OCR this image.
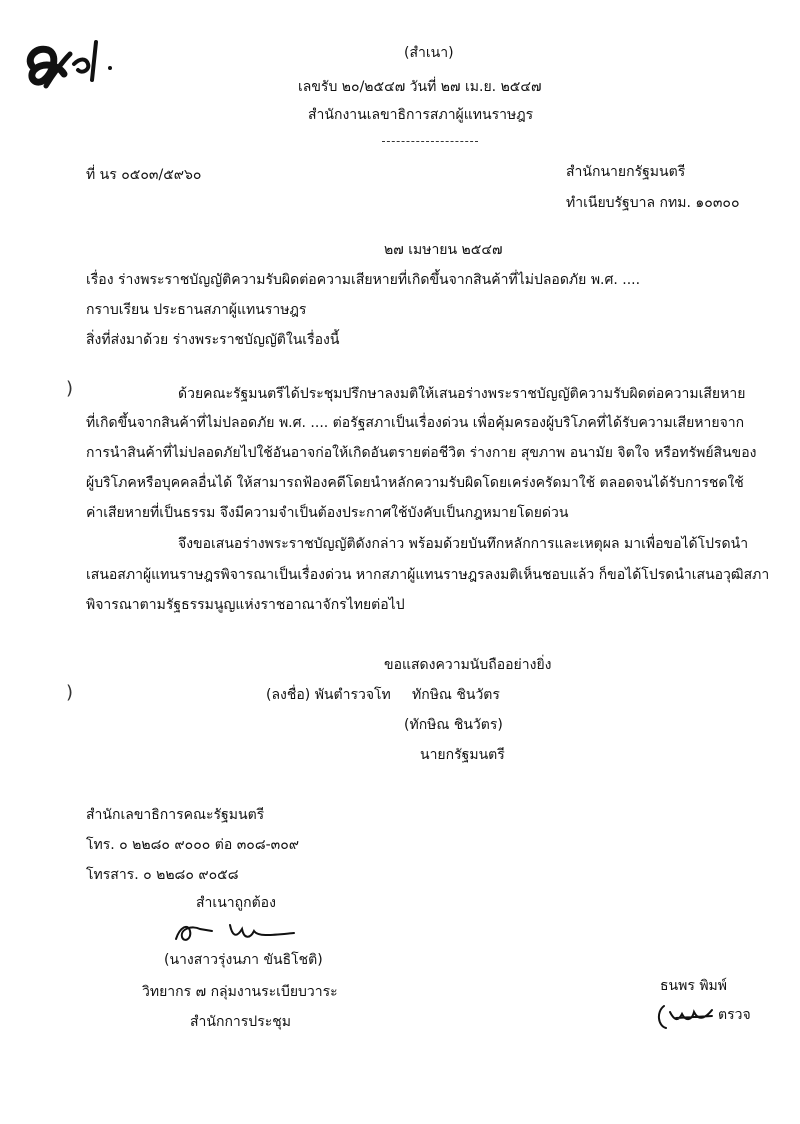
๔๐๑
(สำเนา)
เลขรับ ๒๐/๒๕๔๗ วันที่ ๒๗ เม.ย. ๒๕๔๗
สำนักงานเลขาธิการสภาผู้แทนราษฎร
ที่ นร ๐๕๐๓/๕๙๖๐	สำนักนายกรัฐมนตรี
ทำเนียบรัฐบาล กทม. ๑๐๓๐๐
๒๗ เมษายน ๒๕๔๗
เรื่อง ร่างพระราชบัญญัติความรับผิดต่อความเสียหายที่เกิดขึ้นจากสินค้าที่ไม่ปลอดภัย พ.ศ. ....
กราบเรียน ประธานสภาผู้แทนราษฎร
สิ่งที่ส่งมาด้วย ร่างพระราชบัญญัติในเรื่องนี้
)
)
ด้วยคณะรัฐมนตรีได้ประชุมปรึกษาลงมติให้เสนอร่างพระราชบัญญัติความรับผิดต่อความเสียหาย
ที่เกิดขึ้นจากสินค้าที่ไม่ปลอดภัย พ.ศ. .... ต่อรัฐสภาเป็นเรื่องด่วน เพื่อคุ้มครองผู้บริโภคที่ได้รับความเสียหายจาก
การนำสินค้าที่ไม่ปลอดภัยไปใช้อันอาจก่อให้เกิดอันตรายต่อชีวิต ร่างกาย สุขภาพ อนามัย จิตใจ หรือทรัพย์สินของ
ผู้บริโภคหรือบุคคลอื่นได้ ให้สามารถฟ้องคดีโดยนำหลักความรับผิดโดยเคร่งครัดมาใช้ ตลอดจนได้รับการชดใช้
ค่าเสียหายที่เป็นธรรม จึงมีความจำเป็นต้องประกาศใช้บังคับเป็นกฎหมายโดยด่วน
จึงขอเสนอร่างพระราชบัญญัติดังกล่าว พร้อมด้วยบันทึกหลักการและเหตุผล มาเพื่อขอได้โปรดนำ
เสนอสภาผู้แทนราษฎรพิจารณาเป็นเรื่องด่วน หากสภาผู้แทนราษฎรลงมติเห็นชอบแล้ว ก็ขอได้โปรดนำเสนอวุฒิสภา
พิจารณาตามรัฐธรรมนูญแห่งราชอาณาจักรไทยต่อไป
ขอแสดงความนับถืออย่างยิ่ง
(ลงชื่อ) พันตำรวจโท ทักษิณ ชินวัตร
(ทักษิณ ชินวัตร)
นายกรัฐมนตรี
สำนักเลขาธิการคณะรัฐมนตรี
โทร. ๐ ๒๒๘๐ ๙๐๐๐ ต่อ ๓๐๘-๓๐๙
โทรสาร. ๐ ๒๒๘๐ ๙๐๕๘
สำเนาถูกต้อง
(นางสาวรุ่งนภา ขันธิโชติ)
วิทยากร ๗ กลุ่มงานระเบียบวาระ
สำนักการประชุม
ธนพร พิมพ์
ตรวจ
